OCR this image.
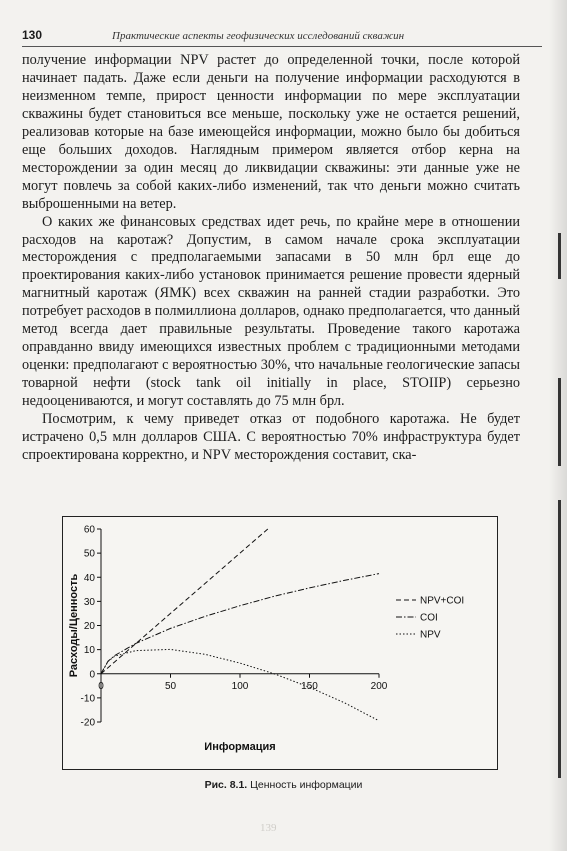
130	Практические аспекты геофизических исследований скважин

получение информации NPV растет до определенной точки, после которой начинает падать. Даже если деньги на получение информации расходуются в неизменном темпе, прирост ценности информации по мере эксплуатации скважины будет становиться все меньше, поскольку уже не остается решений, реализовав которые на базе имеющейся информации, можно было бы добиться еще больших доходов. Наглядным примером является отбор керна на месторождении за один месяц до ликвидации скважины: эти данные уже не могут повлечь за собой каких-либо изменений, так что деньги можно считать выброшенными на ветер.

О каких же финансовых средствах идет речь, по крайне мере в отношении расходов на каротаж? Допустим, в самом начале срока эксплуатации месторождения с предполагаемыми запасами в 50 млн брл еще до проектирования каких-либо установок принимается решение провести ядерный магнитный каротаж (ЯМК) всех скважин на ранней стадии разработки. Это потребует расходов в полмиллиона долларов, однако предполагается, что данный метод всегда дает правильные результаты. Проведение такого каротажа оправданно ввиду имеющихся известных проблем с традиционными методами оценки: предполагают с вероятностью 30%, что начальные геологические запасы товарной нефти (stock tank oil initially in place, STOIIP) серьезно недооцениваются, и могут составлять до 75 млн брл.

Посмотрим, к чему приведет отказ от подобного каротажа. Не будет истрачено 0,5 млн долларов США. С вероятностью 70% инфраструктура будет спроектирована корректно, и NPV месторождения составит, ска-

-20
-10
0
10
20
30
40
50
60
0	50	100	150	200
Информация
Расходы/Ценность	NPV+COI
COI
NPV
Рис. 8.1. Ценность информации
139
